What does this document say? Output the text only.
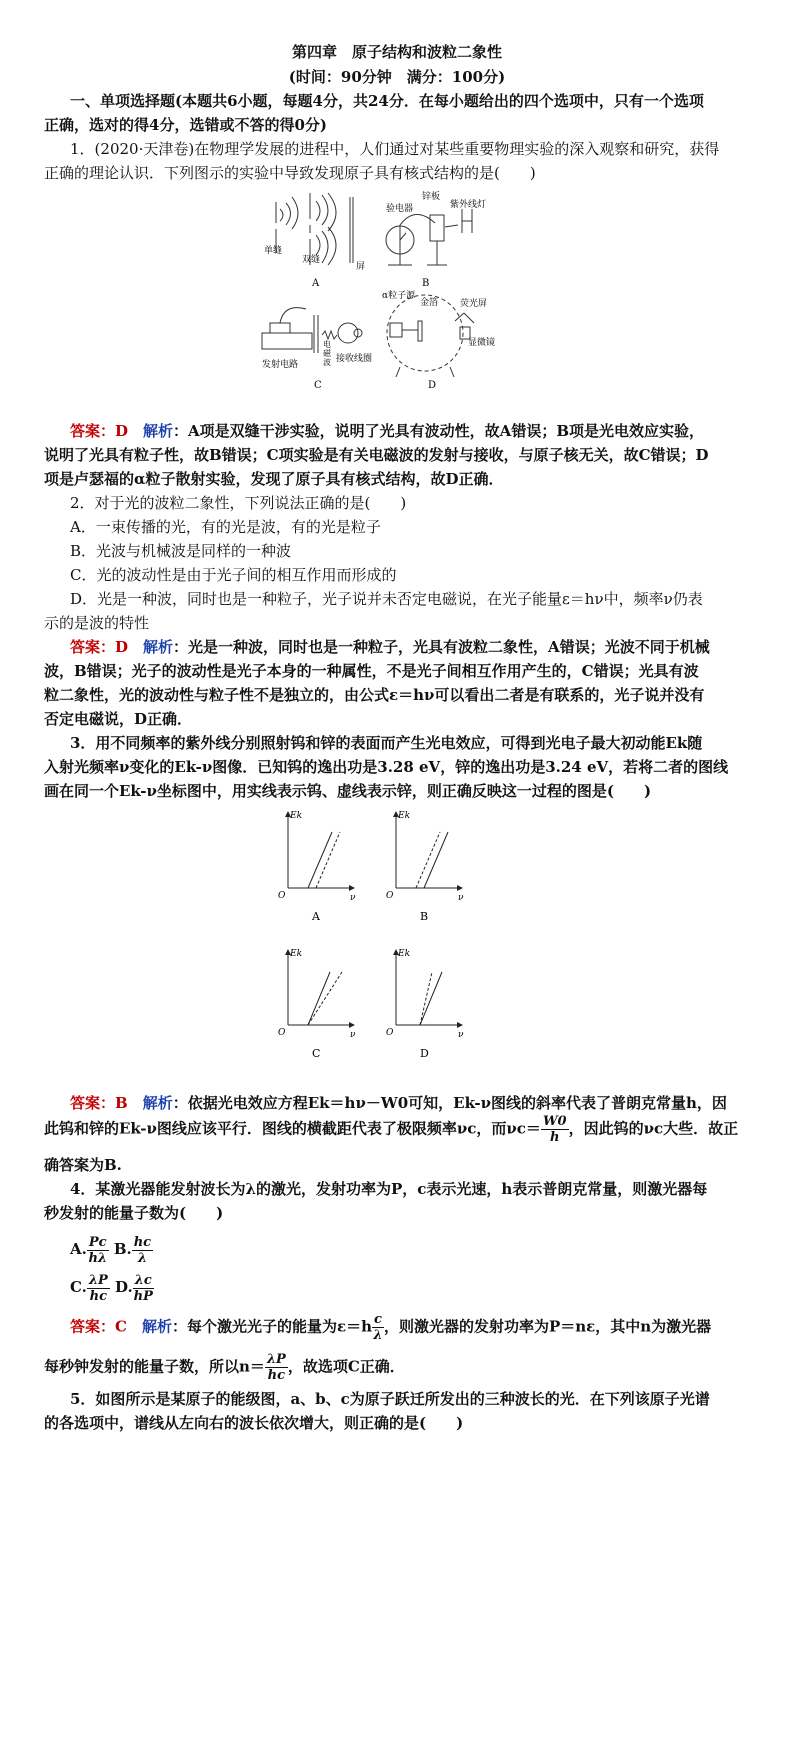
第四章　原子结构和波粒二象性
(时间：90分钟　满分：100分)
一、单项选择题(本题共6小题，每题4分，共24分．在每小题给出的四个选项中，只有一个选项
正确，选对的得4分，选错或不答的得0分)
1．(2020·天津卷)在物理学发展的进程中，人们通过对某些重要物理实验的深入观察和研究，获得
正确的理论认识．下列图示的实验中导致发现原子具有核式结构的是(　　)
单缝
双缝
屏
A
验电器
锌板
紫外线灯
B
发射电路
电
磁
波 接收线圈
C
α粒子源
金箔 荧光屏
显微镜
D
答案：D　 解析：A项是双缝干涉实验，说明了光具有波动性，故A错误；B项是光电效应实验，
说明了光具有粒子性，故B错误；C项实验是有关电磁波的发射与接收，与原子核无关，故C错误；D
项是卢瑟福的α粒子散射实验，发现了原子具有核式结构，故D正确．
2．对于光的波粒二象性，下列说法正确的是(　　)
A．一束传播的光，有的光是波，有的光是粒子
B．光波与机械波是同样的一种波
C．光的波动性是由于光子间的相互作用而形成的
D．光是一种波，同时也是一种粒子，光子说并未否定电磁说，在光子能量ε＝hν中，频率ν仍表
示的是波的特性
答案：D　 解析：光是一种波，同时也是一种粒子，光具有波粒二象性，A错误；光波不同于机械
波，B错误；光子的波动性是光子本身的一种属性，不是光子间相互作用产生的，C错误；光具有波
粒二象性，光的波动性与粒子性不是独立的，由公式ε＝hν可以看出二者是有联系的，光子说并没有
否定电磁说，D正确．
3．用不同频率的紫外线分别照射钨和锌的表面而产生光电效应，可得到光电子最大初动能Ek随
入射光频率ν变化的Ek-ν图像．已知钨的逸出功是3.28 eV，锌的逸出功是3.24 eV，若将二者的图线
画在同一个Ek-ν坐标图中，用实线表示钨、虚线表示锌，则正确反映这一过程的图是(　　)
Ek
ν
O
A
Ek
ν
O
B
Ek
ν
O
C
Ek
ν
O
D
答案：B　 解析：依据光电效应方程Ek＝hν－W0可知，Ek-ν图线的斜率代表了普朗克常量h，因
此钨和锌的Ek-ν图线应该平行．图线的横截距代表了极限频率νc，而$\nu c= \frac{W0}{h}$ ，因此钨的νc大些．故正
确答案为B.
4．某激光器能发射波长为λ的激光，发射功率为P，c表示光速，h表示普朗克常量，则激光器每
秒发射的能量子数为(　　)
A. $\frac{Pc}{h\lambda} B$. $\frac{hc}{\lambda}$
C. $\frac{\lambda P}{hc} D$. $\frac{\lambda c}{hP}$
答案：C　 解析：每个激光光子的能量为$\varepsilon=h \frac{c}{\lambda}$ ，则激光器的发射功率为P＝nε，其中n为激光器
每秒钟发射的能量子数，所以$n= \frac{\lambda P}{hc}$ ，故选项C正确．
5．如图所示是某原子的能级图，a、b、c为原子跃迁所发出的三种波长的光．在下列该原子光谱
的各选项中，谱线从左向右的波长依次增大，则正确的是(　　)
